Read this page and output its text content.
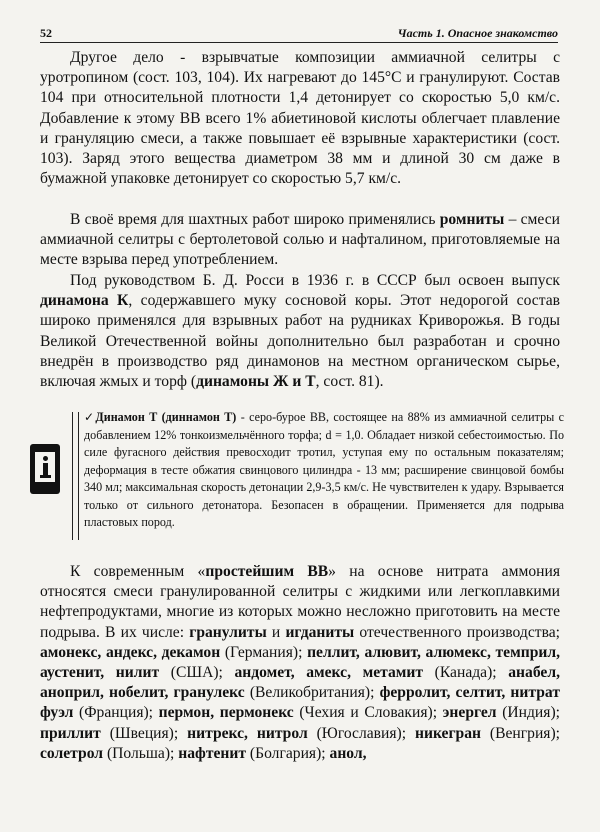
52	Часть 1. Опасное знакомство

Другое дело - взрывчатые композиции аммиачной селитры с уротропином (сост. 103, 104). Их нагревают до 145°С и гранулируют. Состав 104 при относительной плотности 1,4 детонирует со скоростью 5,0 км/с. Добавление к этому ВВ всего 1% абиетиновой кислоты облегчает плавление и грануляцию смеси, а также повышает её взрывные характеристики (сост. 103). Заряд этого вещества диаметром 38 мм и длиной 30 см даже в бумажной упаковке детонирует со скоростью 5,7 км/с.

В своё время для шахтных работ широко применялись ромниты – смеси аммиачной селитры с бертолетовой солью и нафталином, приготовляемые на месте взрыва перед употреблением.

Под руководством Б. Д. Росси в 1936 г. в СССР был освоен выпуск динамона К, содержавшего муку сосновой коры. Этот недорогой состав широко применялся для взрывных работ на рудниках Криворожья. В годы Великой Отечественной войны дополнительно был разработан и срочно внедрён в производство ряд динамонов на местном органическом сырье, включая жмых и торф (динамоны Ж и Т, сост. 81).

✓Динамон Т (диннамон Т) - серо-бурое ВВ, состоящее на 88% из аммиачной селитры с добавлением 12% тонкоизмельчённого торфа; d = 1,0. Обладает низкой себестоимостью. По силе фугасного действия превосходит тротил, уступая ему по остальным показателям; деформация в тесте обжатия свинцового цилиндра - 13 мм; расширение свинцовой бомбы 340 мл; максимальная скорость детонации 2,9-3,5 км/с. Не чувствителен к удару. Взрывается только от сильного детонатора. Безопасен в обращении. Применяется для подрыва пластовых пород.

К современным «простейшим ВВ» на основе нитрата аммония относятся смеси гранулированной селитры с жидкими или легкоплавкими нефтепродуктами, многие из которых можно несложно приготовить на месте подрыва. В их числе: гранулиты и игданиты отечественного производства; амонекс, андекс, декамон (Германия); пеллит, алювит, алюмекс, темприл, аустенит, нилит (США); андомет, амекс, метамит (Канада); анабел, аноприл, нобелит, гранулекс (Великобритания); ферролит, селтит, нитрат фуэл (Франция); пермон, пермонекс (Чехия и Словакия); энергел (Индия); приллит (Швеция); нитрекс, нитрол (Югославия); никегран (Венгрия); солетрол (Польша); нафтенит (Болгария); анол,
